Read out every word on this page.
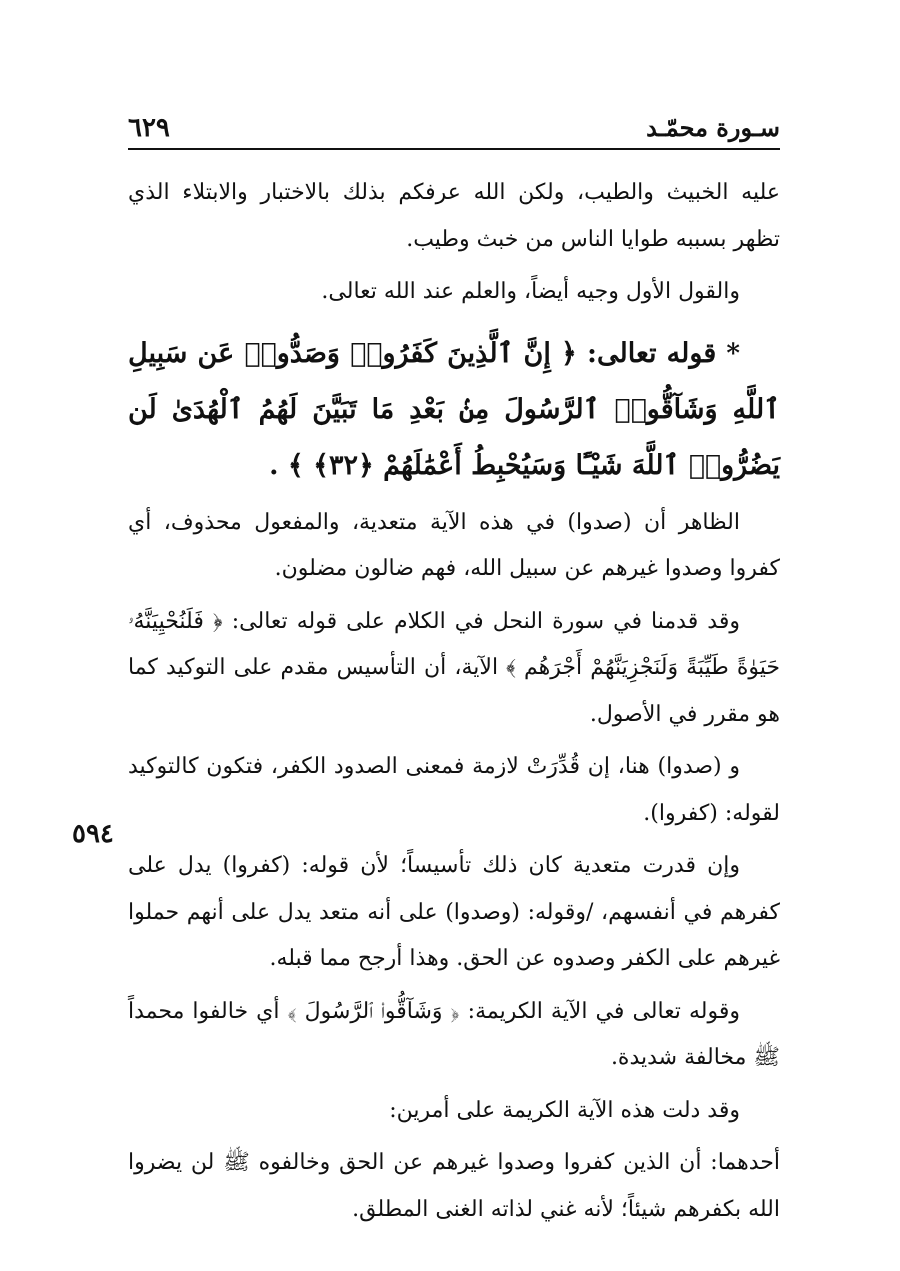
سـورة محمّـد
٦٢٩
٥٩٤

عليه الخبيث والطيب، ولكن الله عرفكم بذلك بالاختبار والابتلاء الذي تظهر بسببه طوايا الناس من خبث وطيب.

والقول الأول وجيه أيضاً، والعلم عند الله تعالى.

* قوله تعالى: ﴿ إِنَّ ٱلَّذِينَ كَفَرُوا۟ وَصَدُّوا۟ عَن سَبِيلِ ٱللَّهِ وَشَآقُّوا۟ ٱلرَّسُولَ مِنۢ بَعْدِ مَا تَبَيَّنَ لَهُمُ ٱلْهُدَىٰ لَن يَضُرُّوا۟ ٱللَّهَ شَيْـًٔا وَسَيُحْبِطُ أَعْمَٰلَهُمْ ﴿٣٢﴾ ﴾ .

الظاهر أن (صدوا) في هذه الآية متعدية، والمفعول محذوف، أي كفروا وصدوا غيرهم عن سبيل الله، فهم ضالون مضلون.

وقد قدمنا في سورة النحل في الكلام على قوله تعالى: ﴿ فَلَنُحْيِيَنَّهُۥ حَيَوٰةً طَيِّبَةً وَلَنَجْزِيَنَّهُمْ أَجْرَهُم ﴾ الآية، أن التأسيس مقدم على التوكيد كما هو مقرر في الأصول.

و (صدوا) هنا، إن قُدِّرَتْ لازمة فمعنى الصدود الكفر، فتكون كالتوكيد لقوله: (كفروا).

وإن قدرت متعدية كان ذلك تأسيساً؛ لأن قوله: (كفروا) يدل على كفرهم في أنفسهم، /وقوله: (وصدوا) على أنه متعد يدل على أنهم حملوا غيرهم على الكفر وصدوه عن الحق. وهذا أرجح مما قبله.

وقوله تعالى في الآية الكريمة: ﴿ وَشَآقُّوا۟ ٱلرَّسُولَ ﴾ أي خالفوا محمداً ﷺ مخالفة شديدة.

وقد دلت هذه الآية الكريمة على أمرين:

أحدهما: أن الذين كفروا وصدوا غيرهم عن الحق وخالفوه ﷺ لن يضروا الله بكفرهم شيئاً؛ لأنه غني لذاته الغنى المطلق.
